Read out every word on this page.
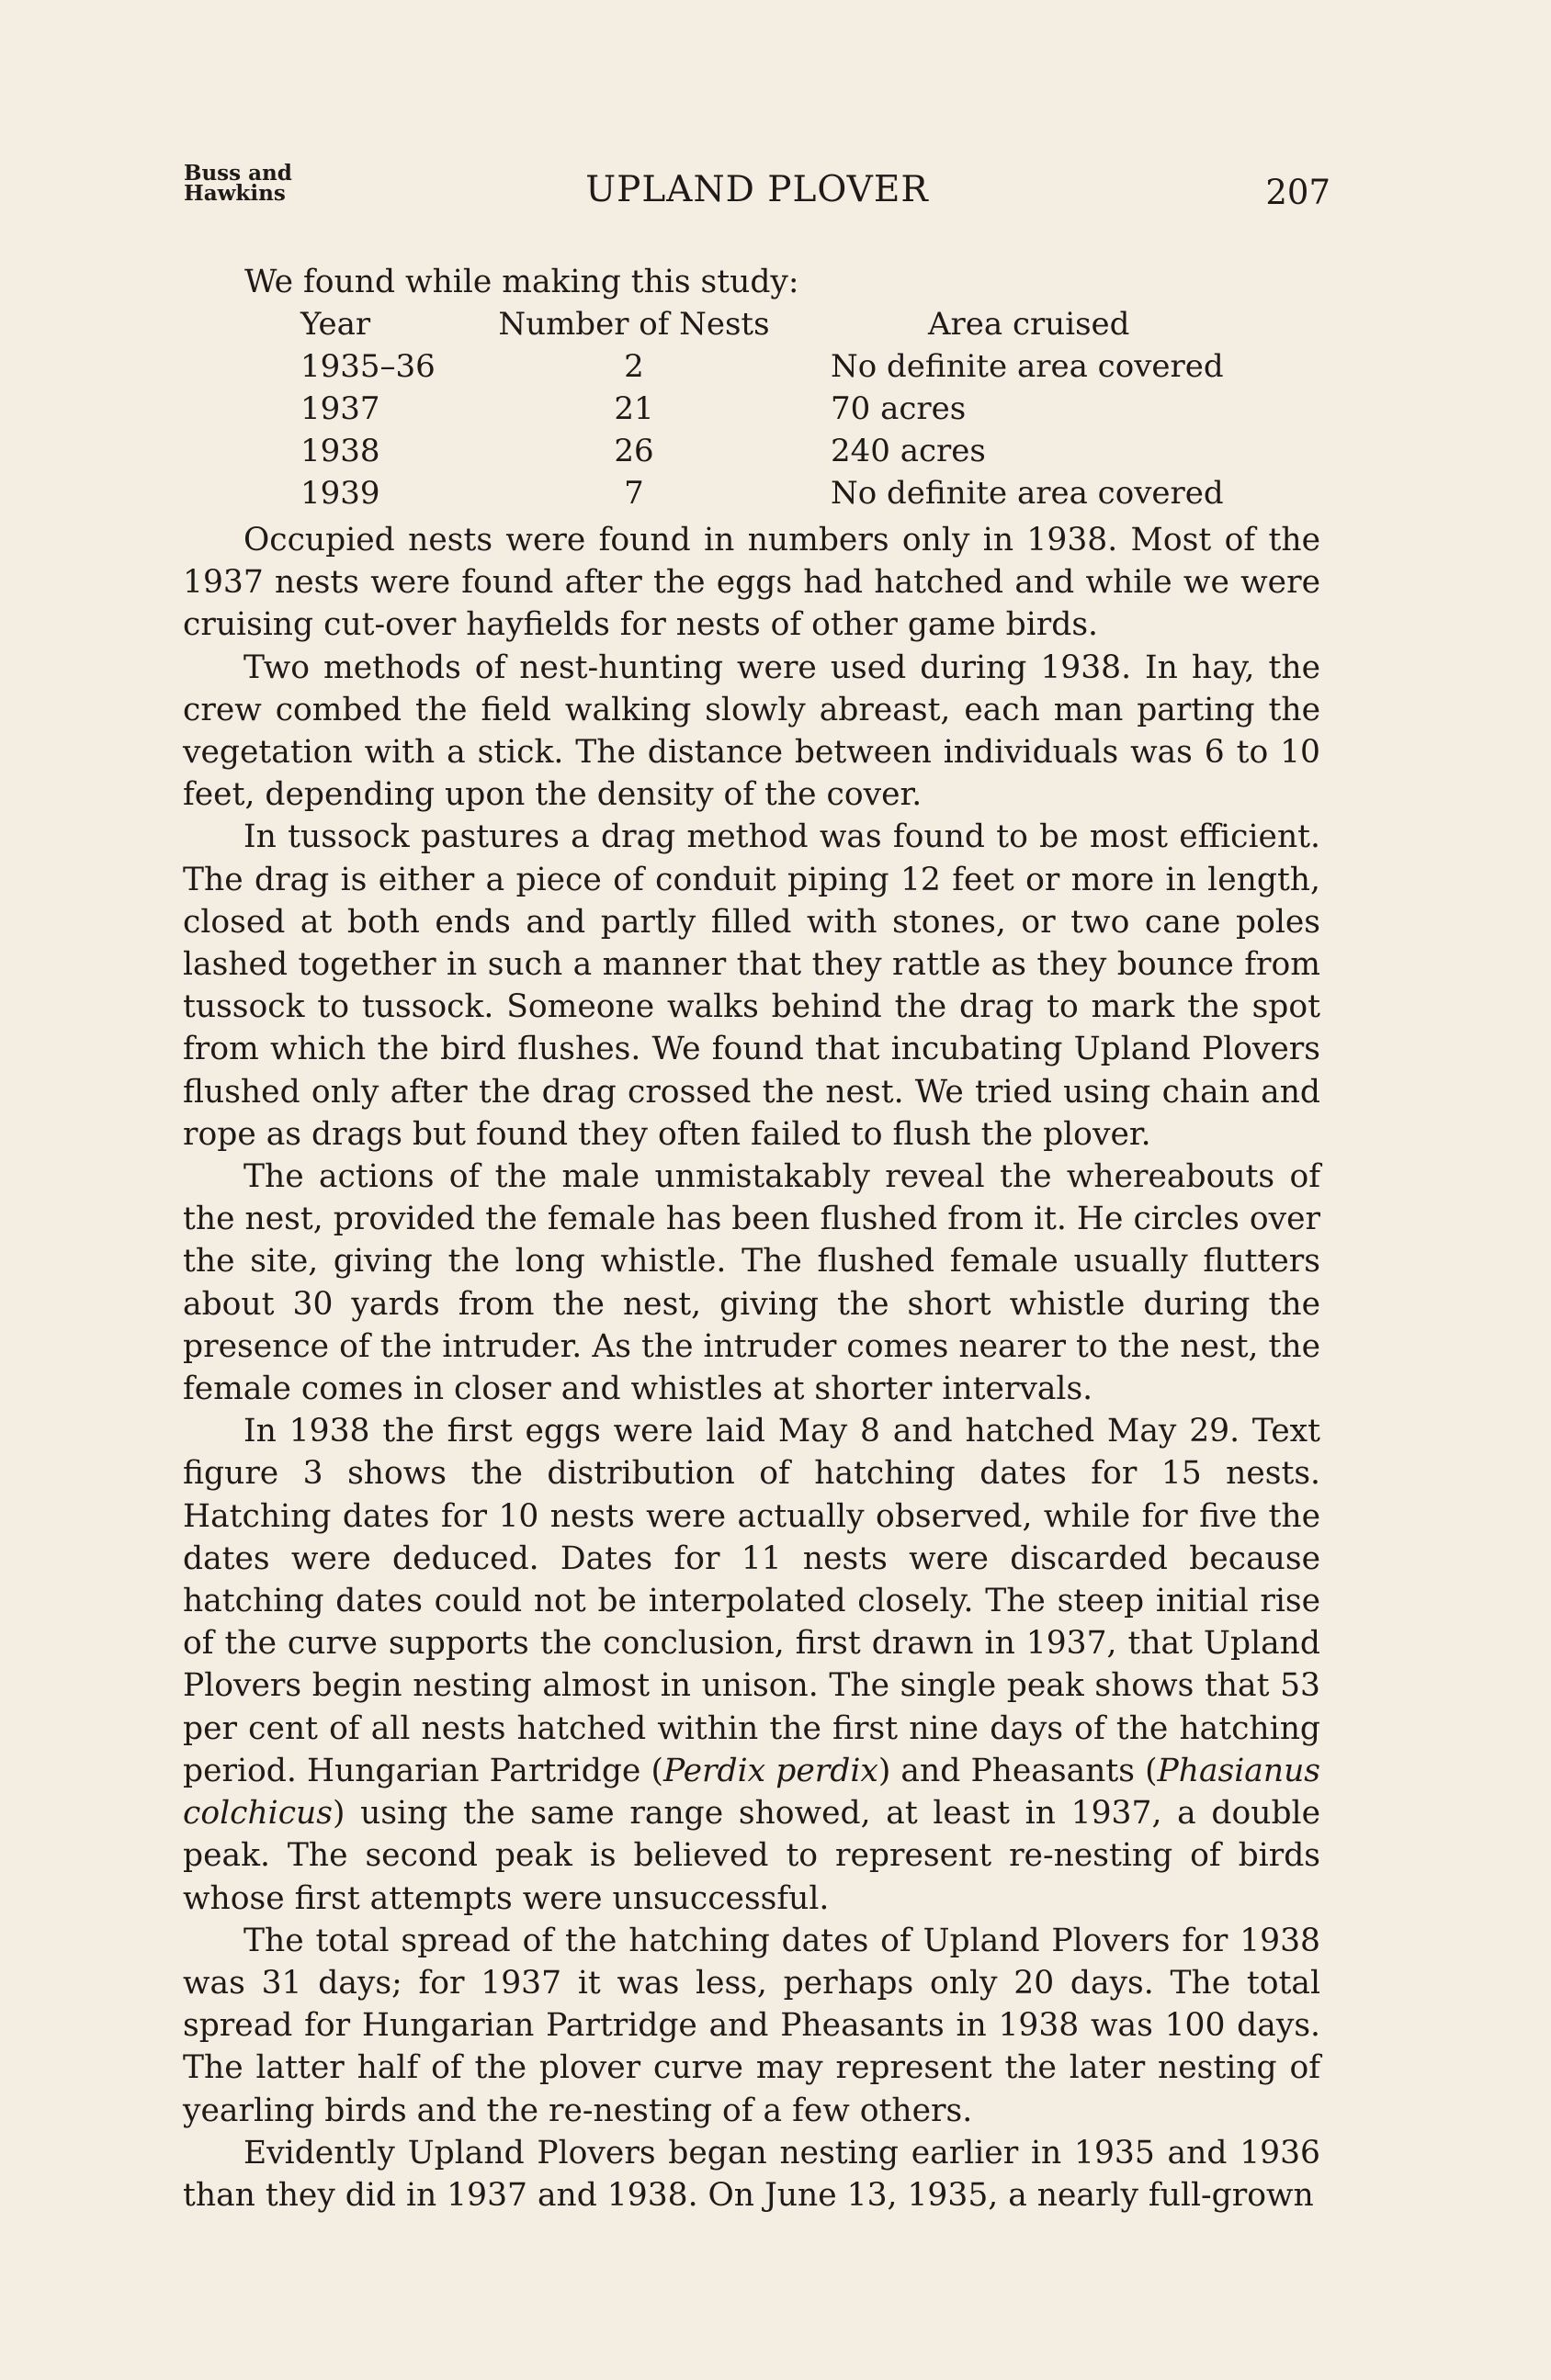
Buss and
Hawkins	UPLAND PLOVER	207
We found while making this study:
Year	Number of Nests	Area cruised
1935–36	2	No definite area covered
1937	21	70 acres
1938	26	240 acres
1939	7	No definite area covered

Occupied nests were found in numbers only in 1938. Most of the 1937 nests were found after the eggs had hatched and while we were cruising cut-over hayfields for nests of other game birds.

Two methods of nest-hunting were used during 1938. In hay, the crew combed the field walking slowly abreast, each man parting the vegetation with a stick. The distance between individuals was 6 to 10 feet, depending upon the density of the cover.

In tussock pastures a drag method was found to be most efficient. The drag is either a piece of conduit piping 12 feet or more in length, closed at both ends and partly filled with stones, or two cane poles lashed together in such a manner that they rattle as they bounce from tussock to tussock. Someone walks behind the drag to mark the spot from which the bird flushes. We found that incubating Upland Plovers flushed only after the drag crossed the nest. We tried using chain and rope as drags but found they often failed to flush the plover.

The actions of the male unmistakably reveal the whereabouts of the nest, provided the female has been flushed from it. He circles over the site, giving the long whistle. The flushed female usually flutters about 30 yards from the nest, giving the short whistle during the presence of the intruder. As the intruder comes nearer to the nest, the female comes in closer and whistles at shorter intervals.

In 1938 the first eggs were laid May 8 and hatched May 29. Text figure 3 shows the distribution of hatching dates for 15 nests. Hatching dates for 10 nests were actually observed, while for five the dates were deduced. Dates for 11 nests were discarded because hatching dates could not be interpolated closely. The steep initial rise of the curve supports the conclusion, first drawn in 1937, that Upland Plovers begin nesting almost in unison. The single peak shows that 53 per cent of all nests hatched within the first nine days of the hatching period. Hungarian Partridge (Perdix perdix) and Pheasants (Phasianus colchicus) using the same range showed, at least in 1937, a double peak. The second peak is believed to represent re-nesting of birds whose first attempts were unsuccessful.

The total spread of the hatching dates of Upland Plovers for 1938 was 31 days; for 1937 it was less, perhaps only 20 days. The total spread for Hungarian Partridge and Pheasants in 1938 was 100 days. The latter half of the plover curve may represent the later nesting of yearling birds and the re-nesting of a few others.

Evidently Upland Plovers began nesting earlier in 1935 and 1936 than they did in 1937 and 1938. On June 13, 1935, a nearly full-grown
